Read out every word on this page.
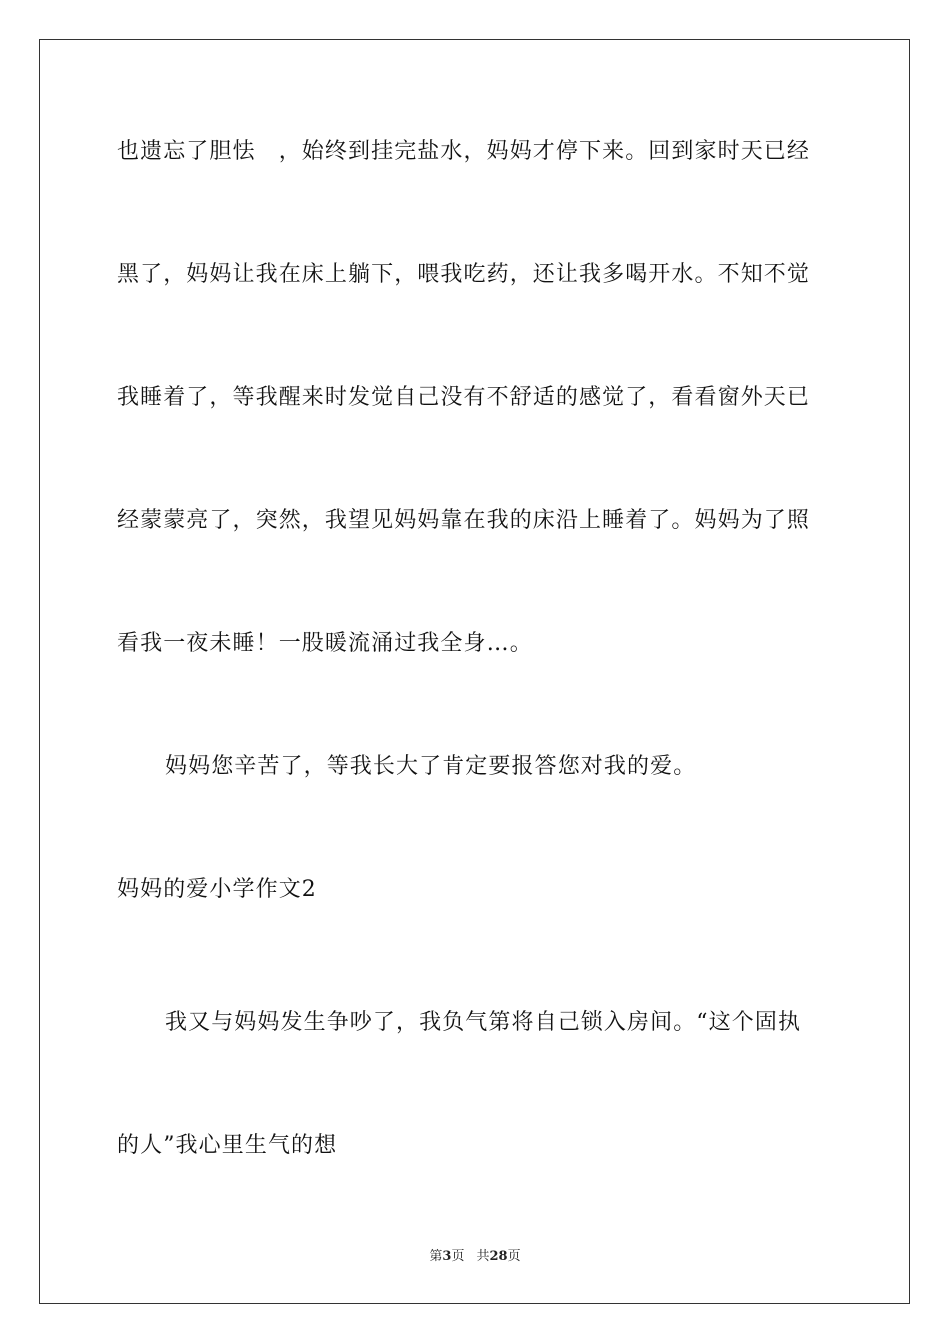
也遗忘了胆怯　，始终到挂完盐水，妈妈才停下来。回到家时天已经
黑了，妈妈让我在床上躺下，喂我吃药，还让我多喝开水。不知不觉
我睡着了，等我醒来时发觉自己没有不舒适的感觉了，看看窗外天已
经蒙蒙亮了，突然，我望见妈妈靠在我的床沿上睡着了。妈妈为了照
看我一夜未睡！一股暖流涌过我全身…。
妈妈您辛苦了，等我长大了肯定要报答您对我的爱。
妈妈的爱小学作文2
我又与妈妈发生争吵了，我负气第将自己锁入房间。“这个固执
的人”我心里生气的想
第3页 共28页
